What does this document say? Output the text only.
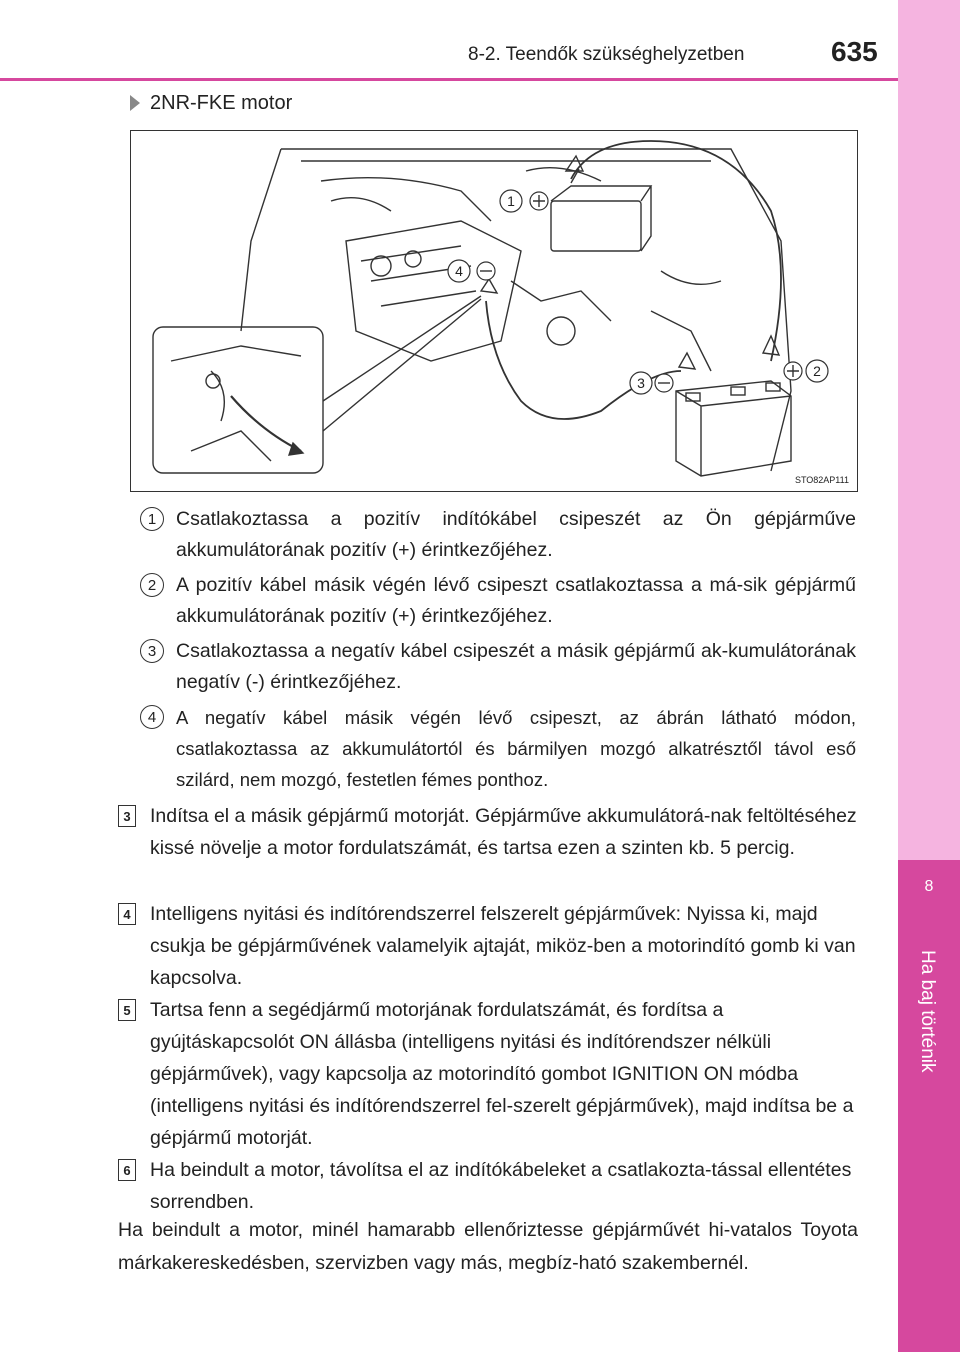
8
Ha baj történik
8-2. Teendők szükséghelyzetben	635
2NR-FKE motor
1
4
3
2
STO82AP111
1	Csatlakoztassa a pozitív indítókábel csipeszét az Ön gépjárműve akkumulátorának pozitív (+) érintkezőjéhez.
2	A pozitív kábel másik végén lévő csipeszt csatlakoztassa a má-sik gépjármű akkumulátorának pozitív (+) érintkezőjéhez.
3	Csatlakoztassa a negatív kábel csipeszét a másik gépjármű ak-kumulátorának negatív (-) érintkezőjéhez.
4	A negatív kábel másik végén lévő csipeszt, az ábrán látható módon, csatlakoztassa az akkumulátortól és bármilyen mozgó alkatrésztől távol eső szilárd, nem mozgó, festetlen fémes ponthoz.
3 Indítsa el a másik gépjármű motorját. Gépjárműve akkumulátorá-nak feltöltéséhez kissé növelje a motor fordulatszámát, és tartsa ezen a szinten kb. 5 percig.
4 Intelligens nyitási és indítórendszerrel felszerelt gépjárművek: Nyissa ki, majd csukja be gépjárművének valamelyik ajtaját, miköz-ben a motorindító gomb ki van kapcsolva.
5 Tartsa fenn a segédjármű motorjának fordulatszámát, és fordítsa a gyújtáskapcsolót ON állásba (intelligens nyitási és indítórendszer nélküli gépjárművek), vagy kapcsolja az motorindító gombot IGNITION ON módba (intelligens nyitási és indítórendszerrel fel-szerelt gépjárművek), majd indítsa be a gépjármű motorját.
6 Ha beindult a motor, távolítsa el az indítókábeleket a csatlakozta-tással ellentétes sorrendben.
Ha beindult a motor, minél hamarabb ellenőriztesse gépjárművét hi-vatalos Toyota márkakereskedésben, szervizben vagy más, megbíz-ható szakembernél.
